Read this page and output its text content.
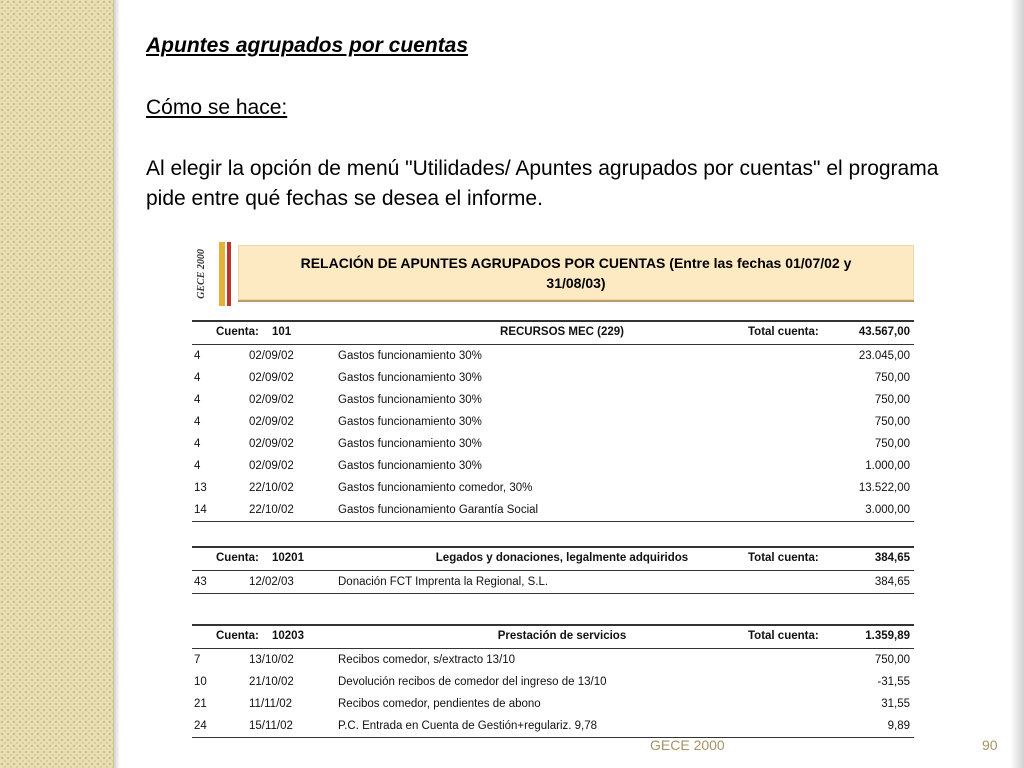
Apuntes agrupados por cuentas
Cómo se hace:
Al elegir la opción de menú "Utilidades/ Apuntes agrupados por cuentas" el programa pide entre qué fechas se desea el informe.
GECE 2000	RELACIÓN DE APUNTES AGRUPADOS POR CUENTAS (Entre las fechas 01/07/02 y 31/08/03)
Cuenta: 101	RECURSOS MEC (229)	Total cuenta:	43.567,00
4	02/09/02	Gastos funcionamiento 30%	23.045,00
4	02/09/02	Gastos funcionamiento 30%	750,00
4	02/09/02	Gastos funcionamiento 30%	750,00
4	02/09/02	Gastos funcionamiento 30%	750,00
4	02/09/02	Gastos funcionamiento 30%	750,00
4	02/09/02	Gastos funcionamiento 30%	1.000,00
13	22/10/02	Gastos funcionamiento comedor, 30%	13.522,00
14	22/10/02	Gastos funcionamiento Garantía Social	3.000,00
Cuenta: 10201	Legados y donaciones, legalmente adquiridos	Total cuenta:	384,65
43	12/02/03	Donación FCT Imprenta la Regional, S.L.	384,65
Cuenta: 10203	Prestación de servicios	Total cuenta:	1.359,89
7	13/10/02	Recibos comedor, s/extracto 13/10	750,00
10	21/10/02	Devolución recibos de comedor del ingreso de 13/10	-31,55
21	11/11/02	Recibos comedor, pendientes de abono	31,55
24	15/11/02	P.C. Entrada en Cuenta de Gestión+regulariz. 9,78	9,89
GECE 2000	90
